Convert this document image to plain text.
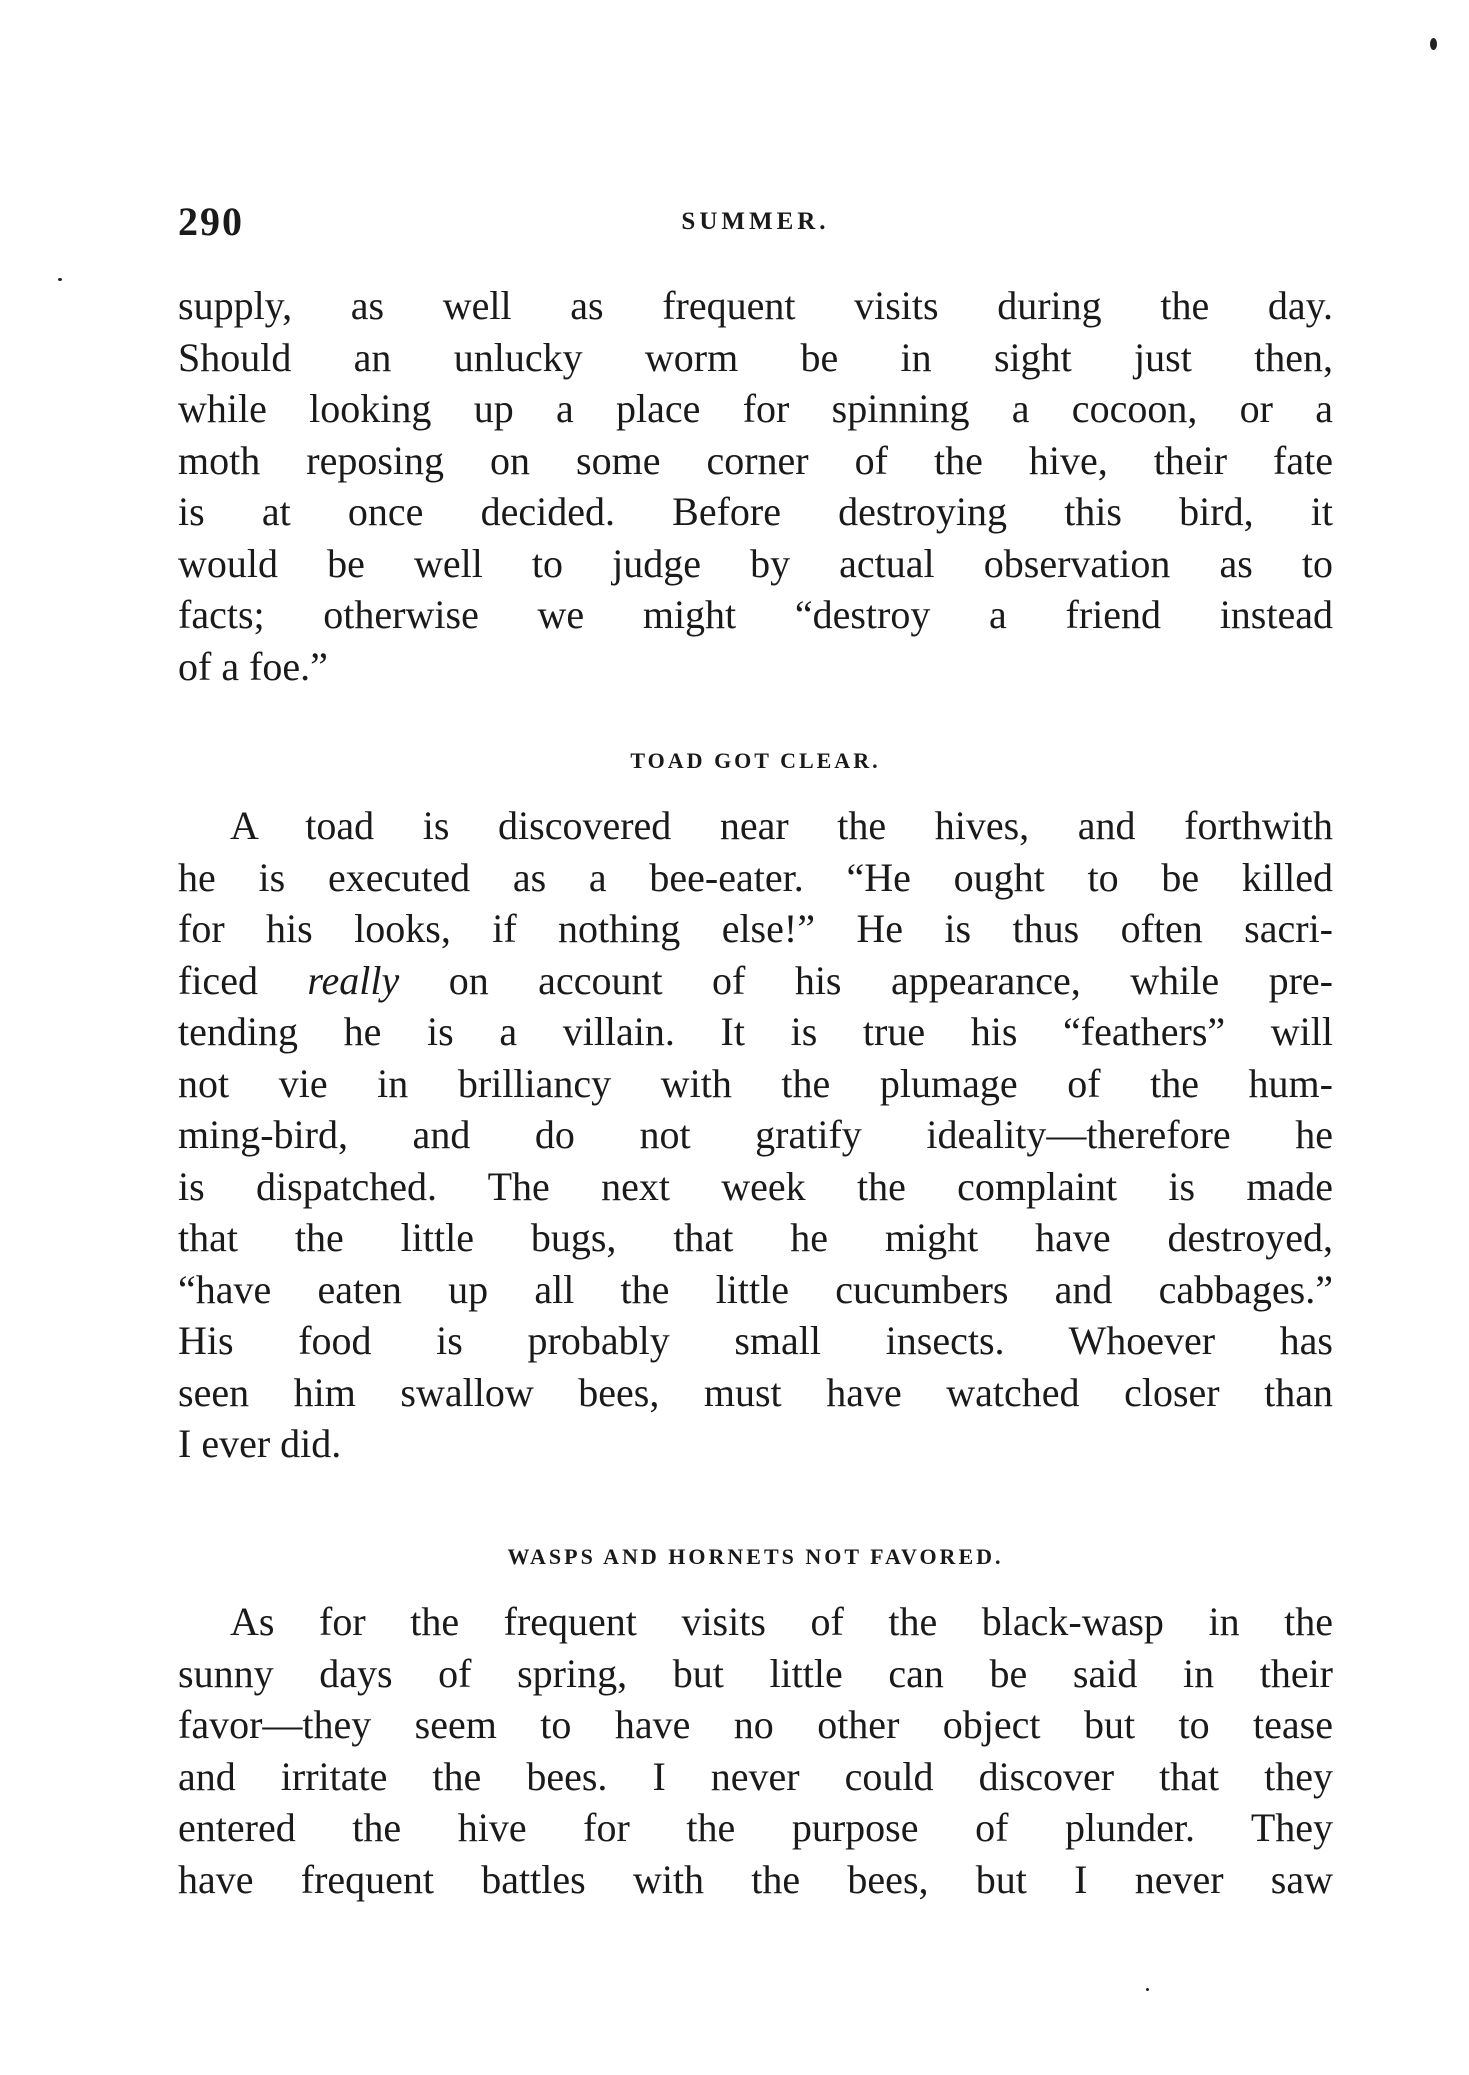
290	SUMMER.
supply, as well as frequent visits during the day.
Should an unlucky worm be in sight just then,
while looking up a place for spinning a cocoon, or a
moth reposing on some corner of the hive, their fate
is at once decided. Before destroying this bird, it
would be well to judge by actual observation as to
facts; otherwise we might “destroy a friend instead
of a foe.”
TOAD GOT CLEAR.
A toad is discovered near the hives, and forthwith
he is executed as a bee-eater. “He ought to be killed
for his looks, if nothing else!” He is thus often sacri-
ficed really on account of his appearance, while pre-
tending he is a villain. It is true his “feathers” will
not vie in brilliancy with the plumage of the hum-
ming-bird, and do not gratify ideality—therefore he
is dispatched. The next week the complaint is made
that the little bugs, that he might have destroyed,
“have eaten up all the little cucumbers and cabbages.”
His food is probably small insects. Whoever has
seen him swallow bees, must have watched closer than
I ever did.
WASPS AND HORNETS NOT FAVORED.
As for the frequent visits of the black-wasp in the
sunny days of spring, but little can be said in their
favor—they seem to have no other object but to tease
and irritate the bees. I never could discover that they
entered the hive for the purpose of plunder. They
have frequent battles with the bees, but I never saw
